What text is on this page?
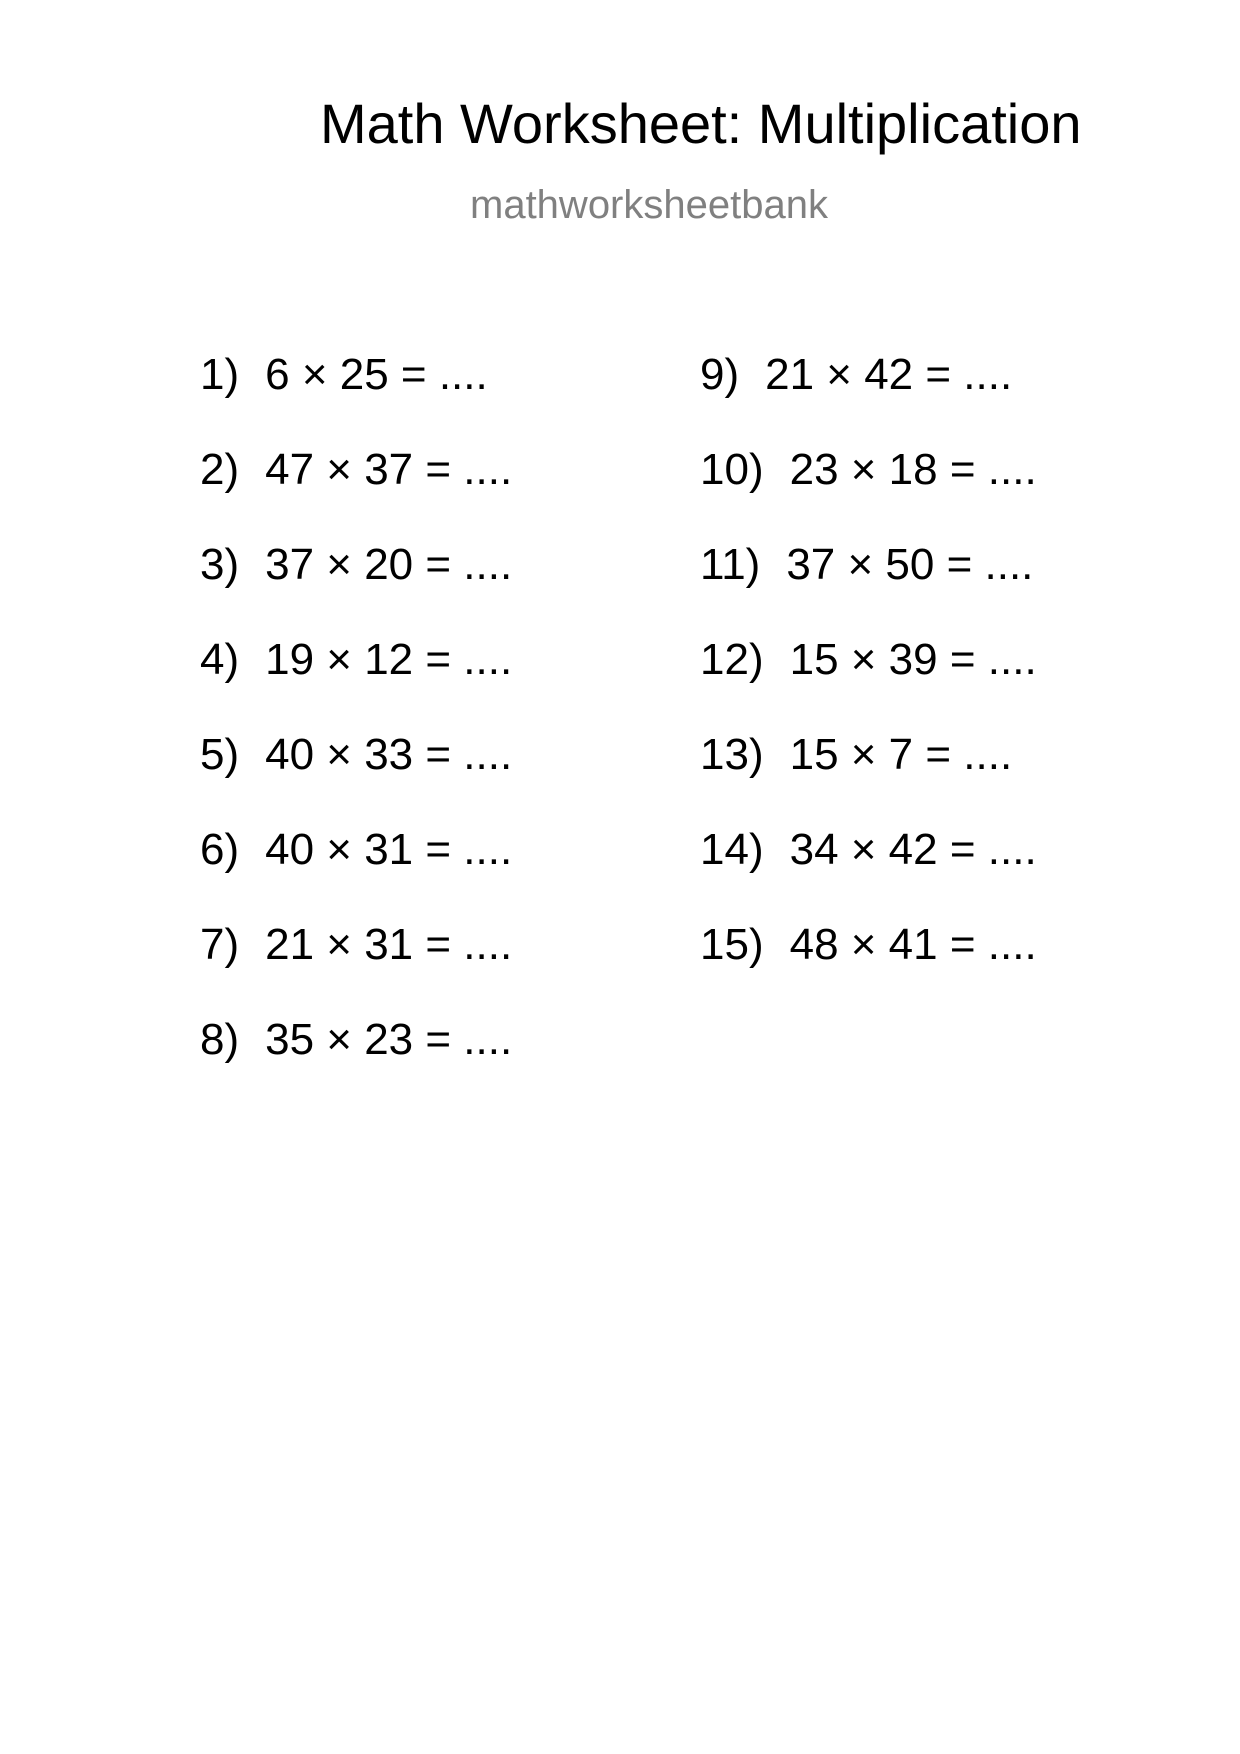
Math Worksheet: Multiplication
mathworksheetbank
1) 6 × 25 = ....
2) 47 × 37 = ....
3) 37 × 20 = ....
4) 19 × 12 = ....
5) 40 × 33 = ....
6) 40 × 31 = ....
7) 21 × 31 = ....
8) 35 × 23 = ....
9) 21 × 42 = ....
10) 23 × 18 = ....
11) 37 × 50 = ....
12) 15 × 39 = ....
13) 15 × 7 = ....
14) 34 × 42 = ....
15) 48 × 41 = ....
